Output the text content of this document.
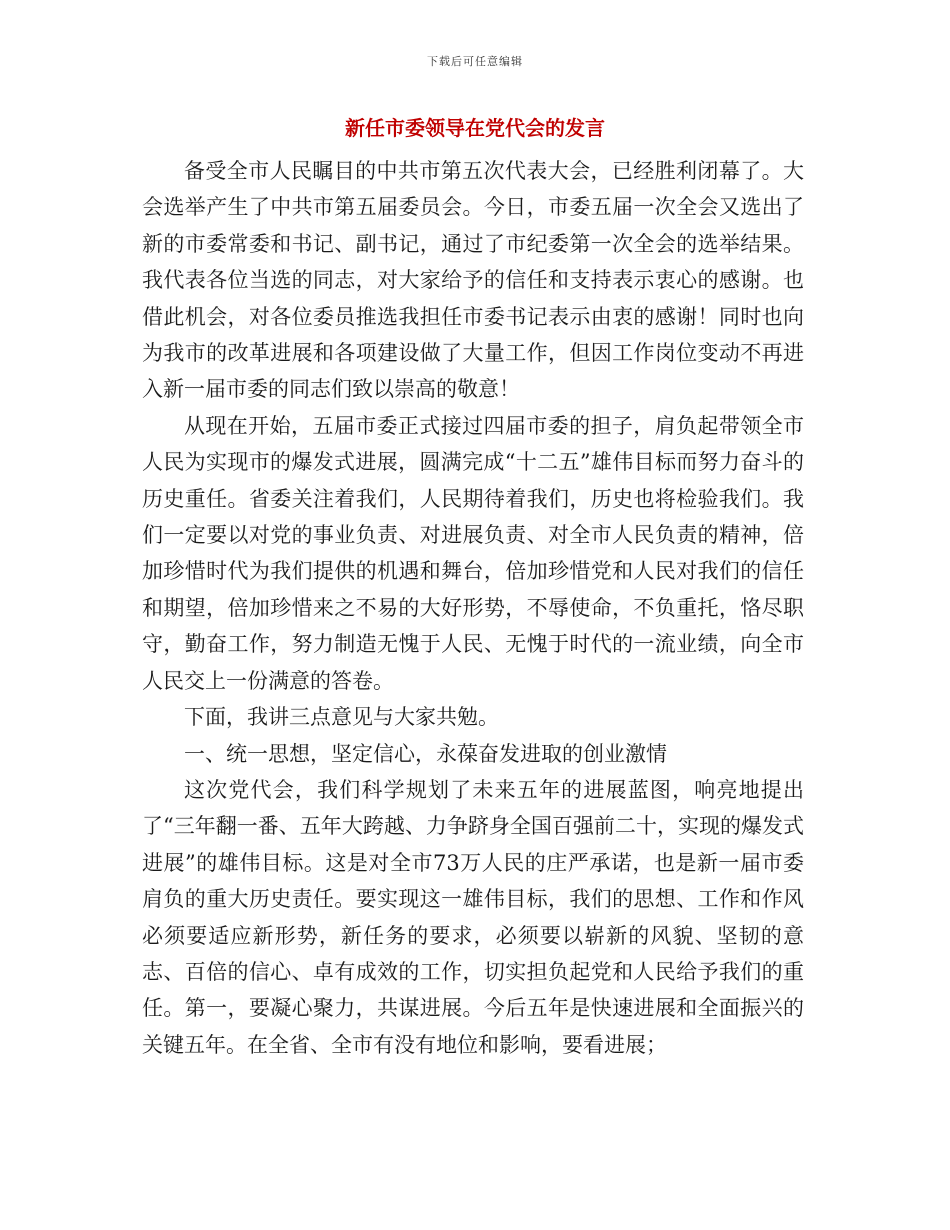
下载后可任意编辑
新任市委领导在党代会的发言

备受全市人民瞩目的中共市第五次代表大会，已经胜利闭幕了。大会选举产生了中共市第五届委员会。今日，市委五届一次全会又选出了新的市委常委和书记、副书记，通过了市纪委第一次全会的选举结果。我代表各位当选的同志，对大家给予的信任和支持表示衷心的感谢。也借此机会，对各位委员推选我担任市委书记表示由衷的感谢！同时也向为我市的改革进展和各项建设做了大量工作，但因工作岗位变动不再进入新一届市委的同志们致以崇高的敬意！

从现在开始，五届市委正式接过四届市委的担子，肩负起带领全市人民为实现市的爆发式进展，圆满完成“十二五”雄伟目标而努力奋斗的历史重任。省委关注着我们，人民期待着我们，历史也将检验我们。我们一定要以对党的事业负责、对进展负责、对全市人民负责的精神，倍加珍惜时代为我们提供的机遇和舞台，倍加珍惜党和人民对我们的信任和期望，倍加珍惜来之不易的大好形势，不辱使命，不负重托，恪尽职守，勤奋工作，努力制造无愧于人民、无愧于时代的一流业绩，向全市人民交上一份满意的答卷。

下面，我讲三点意见与大家共勉。

一、统一思想，坚定信心，永葆奋发进取的创业激情

这次党代会，我们科学规划了未来五年的进展蓝图，响亮地提出了“三年翻一番、五年大跨越、力争跻身全国百强前二十，实现的爆发式进展”的雄伟目标。这是对全市73万人民的庄严承诺，也是新一届市委肩负的重大历史责任。要实现这一雄伟目标，我们的思想、工作和作风必须要适应新形势，新任务的要求，必须要以崭新的风貌、坚韧的意志、百倍的信心、卓有成效的工作，切实担负起党和人民给予我们的重任。第一，要凝心聚力，共谋进展。今后五年是快速进展和全面振兴的关键五年。在全省、全市有没有地位和影响，要看进展；
